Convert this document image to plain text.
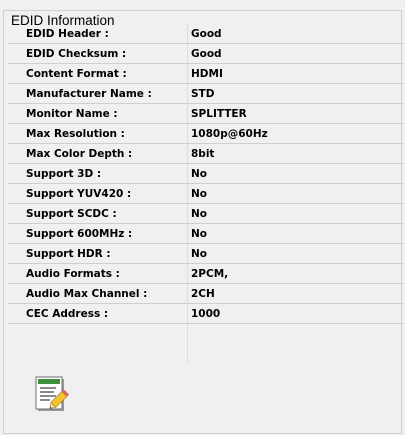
EDID Information
EDID Header :	Good
EDID Checksum :	Good
Content Format :	HDMI
Manufacturer Name :	STD
Monitor Name :	SPLITTER
Max Resolution :	1080p@60Hz
Max Color Depth :	8bit
Support 3D :	No
Support YUV420 :	No
Support SCDC :	No
Support 600MHz :	No
Support HDR :	No
Audio Formats :	2PCM,
Audio Max Channel :	2CH
CEC Address :	1000
